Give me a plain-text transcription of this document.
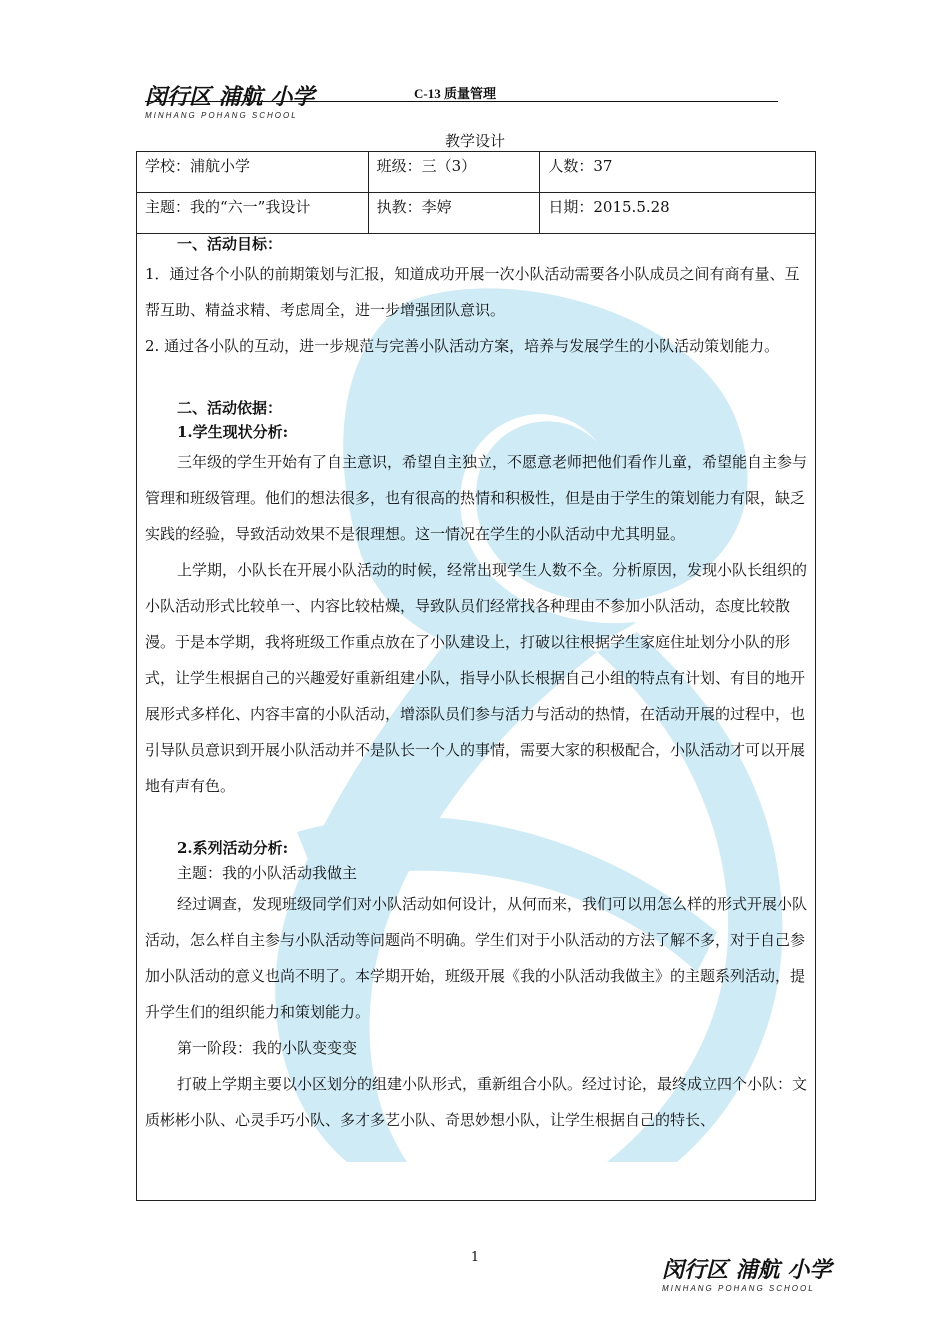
闵行区 浦航 小学
MINHANG POHANG SCHOOL
C-13 质量管理
教学设计
学校：浦航小学	班级：三（3）	人数：37

主题：我的“六一”我设计	执教：李婷	日期：2015.5.28
一、活动目标：

1．通过各个小队的前期策划与汇报，知道成功开展一次小队活动需要各小队成员之间有商有量、互帮互助、精益求精、考虑周全，进一步增强团队意识。

2. 通过各小队的互动，进一步规范与完善小队活动方案，培养与发展学生的小队活动策划能力。

二、活动依据：
1.学生现状分析:

三年级的学生开始有了自主意识，希望自主独立，不愿意老师把他们看作儿童，希望能自主参与管理和班级管理。他们的想法很多，也有很高的热情和积极性，但是由于学生的策划能力有限，缺乏实践的经验，导致活动效果不是很理想。这一情况在学生的小队活动中尤其明显。

上学期，小队长在开展小队活动的时候，经常出现学生人数不全。分析原因，发现小队长组织的小队活动形式比较单一、内容比较枯燥，导致队员们经常找各种理由不参加小队活动，态度比较散漫。于是本学期，我将班级工作重点放在了小队建设上，打破以往根据学生家庭住址划分小队的形式，让学生根据自己的兴趣爱好重新组建小队，指导小队长根据自己小组的特点有计划、有目的地开展形式多样化、内容丰富的小队活动，增添队员们参与活力与活动的热情，在活动开展的过程中，也引导队员意识到开展小队活动并不是队长一个人的事情，需要大家的积极配合，小队活动才可以开展地有声有色。

2.系列活动分析:
主题：我的小队活动我做主

经过调查，发现班级同学们对小队活动如何设计，从何而来，我们可以用怎么样的形式开展小队活动，怎么样自主参与小队活动等问题尚不明确。学生们对于小队活动的方法了解不多，对于自己参加小队活动的意义也尚不明了。本学期开始，班级开展《我的小队活动我做主》的主题系列活动，提升学生们的组织能力和策划能力。

第一阶段：我的小队变变变

打破上学期主要以小区划分的组建小队形式，重新组合小队。经过讨论，最终成立四个小队：文质彬彬小队、心灵手巧小队、多才多艺小队、奇思妙想小队，让学生根据自己的特长、

1
闵行区 浦航 小学
MINHANG POHANG SCHOOL
